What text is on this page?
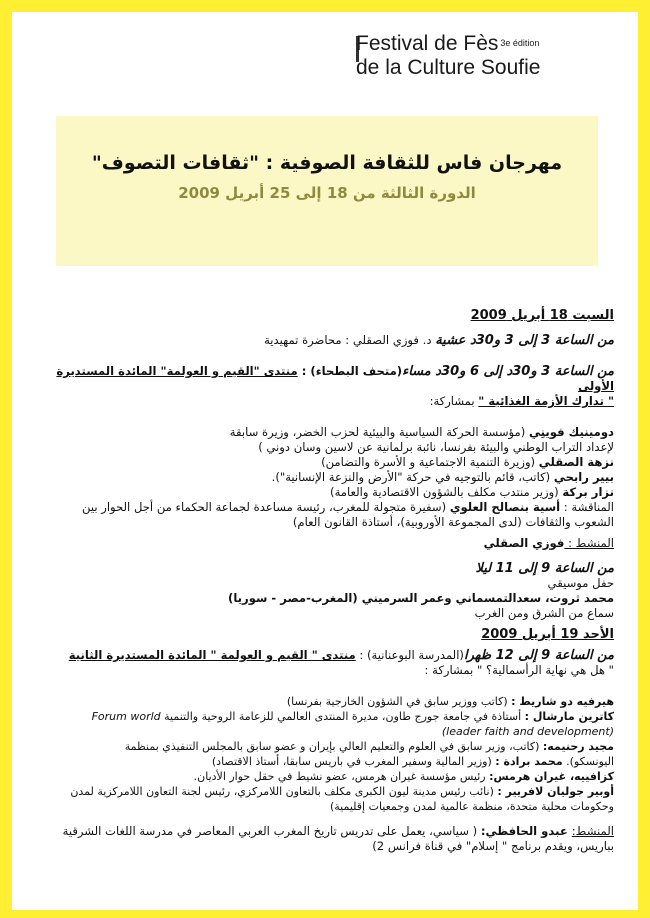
Festival de Fès $^{3e édition}$
de la Culture Soufie
مهرجان فاس للثقافة الصوفية : "ثقافات التصوف"
الدورة الثالثة من 18 إلى 25 أبريل 2009

السبت 18 أبريل 2009

من الساعة 3 إلى 3 و30د عشية د. فوزي الصقلي : محاضرة تمهيدية

من الساعة 3 و30د إلى 6 و30د مساء(متحف البطحاء) : منتدى "القيم و العولمة" المائدة المستديرة الأولى

" تدارك الأزمة الغذائية " بمشاركة:

دومينيك فوينِي (مؤسسة الحركة السياسية والبيئية لحزب الخضر، وزيرة سابقة

لإعداد التراب الوطني والبيئة بفرنسا، نائبة برلمانية عن لاسين وسان دوني )

نزهة الصقلي (وزيرة التنمية الاجتماعية و الأسرة والتضامن)

بيير رابحي (كاتب، قائم بالتوجيه في حركة "الأرض والنزعة الإنسانية").

نزار بركة (وزير منتدب مكلف بالشؤون الاقتصادية والعامة)

المناقشة : أسية بنصالح العلوي (سفيرة متجولة للمغرب، رئيسة مساعدة لجماعة الحكماء من أجل الحوار بين

الشعوب والثقافات (لدى المجموعة الأوروبية)، أستاذة القانون العام)

المنشط : فوزي الصقلي

من الساعة 9 إلى 11 ليلا

حفل موسيقي

محمد ثروت، سعدالتمسماني وعمر السرميني (المغرب-مصر - سوريا)

سماع من الشرق ومن الغرب

الأحد 19 أبريل 2009

من الساعة 9 إلى 12 ظهرا(المدرسة البوعنانية) : منتدى " القيم و العولمة " المائدة المستديرة الثانية

" هل هي نهاية الرأسمالية؟ " بمشاركة :

هيرفيه دو شاريط : (كاتب ووزير سابق في الشؤون الخارجية بفرنسا)

كاترين مارشال : أستاذة في جامعة جورج طاون، مديرة المنتدى العالمي للزعامة الروحية والتنمية Forum world

(leader faith and development)

مجيد رحنيمه: (كاتب، وزير سابق في العلوم والتعليم العالي بإيران و عضو سابق بالمجلس التنفيذي بمنظمة

اليونسكو). محمد برادة : (وزير المالية وسفير المغرب في باريس سابقا، أستاذ الاقتصاد)

كزافييه، غيران هرمس: رئيس مؤسسة غيران هرمس، عضو نشيط في حقل حوار الأديان.

أوبير جوليان لافريير : (نائب رئيس مدينة ليون الكبرى مكلف بالتعاون اللامركزي، رئيس لجنة التعاون اللامركزية لمدن

وحكومات محلية متحدة، منظمة عالمية لمدن وجمعيات إقليمية)

المنشط: عبدو الحافظي: ( سياسي، يعمل على تدريس تاريخ المغرب العربي المعاصر في مدرسة اللغات الشرقية

بباريس، ويقدم برنامج " إسلام" في قناة فرانس 2)
